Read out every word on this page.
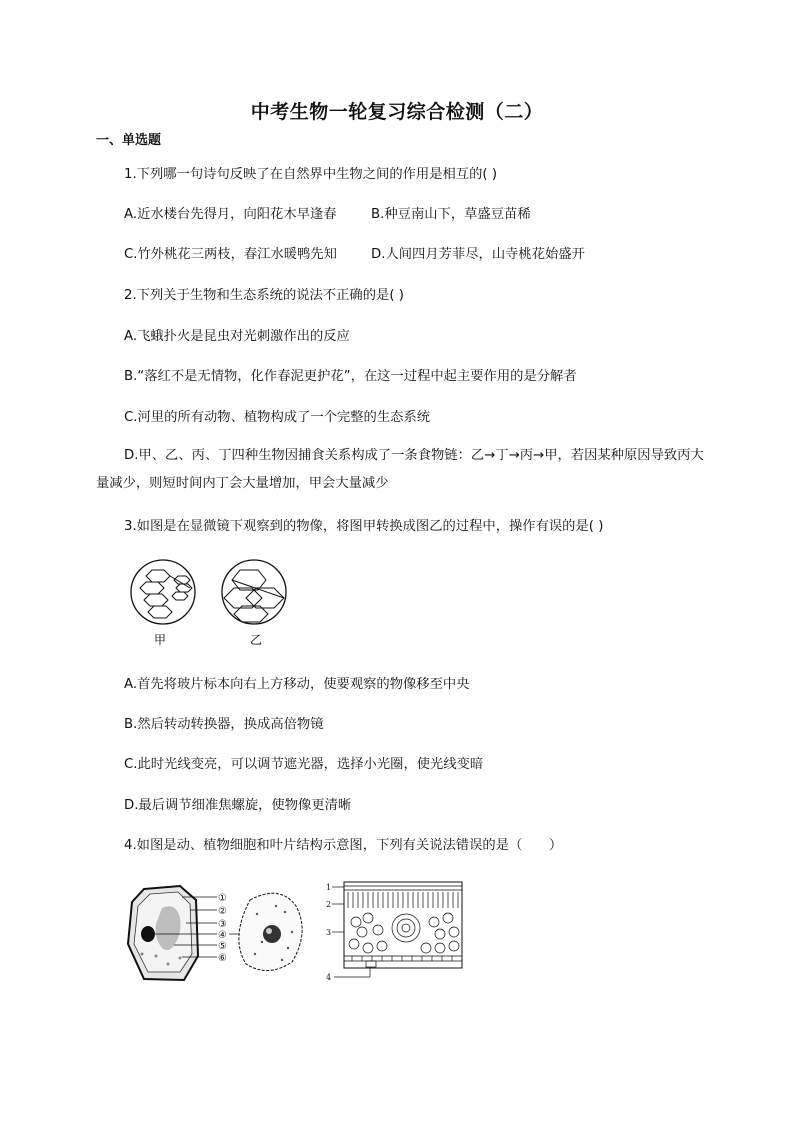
中考生物一轮复习综合检测（二）
一、单选题
1.下列哪一句诗句反映了在自然界中生物之间的作用是相互的( )
A.近水楼台先得月，向阳花木早逢春	B.种豆南山下，草盛豆苗稀
C.竹外桃花三两枝，春江水暖鸭先知	D.人间四月芳菲尽，山寺桃花始盛开
2.下列关于生物和生态系统的说法不正确的是( )
A.飞蛾扑火是昆虫对光刺激作出的反应
B.“落红不是无情物，化作春泥更护花”，在这一过程中起主要作用的是分解者
C.河里的所有动物、植物构成了一个完整的生态系统
D.甲、乙、丙、丁四种生物因捕食关系构成了一条食物链：乙→丁→丙→甲，若因某种原因导致丙大量减少，则短时间内丁会大量增加，甲会大量减少
3.如图是在显微镜下观察到的物像，将图甲转换成图乙的过程中，操作有误的是( )
甲	乙
A.首先将玻片标本向右上方移动，使要观察的物像移至中央
B.然后转动转换器，换成高倍物镜
C.此时光线变亮，可以调节遮光器，选择小光圈，使光线变暗
D.最后调节细准焦螺旋，使物像更清晰
4.如图是动、植物细胞和叶片结构示意图，下列有关说法错误的是（　　）
①
②
③
④
⑤
⑥
1
2
3
4
